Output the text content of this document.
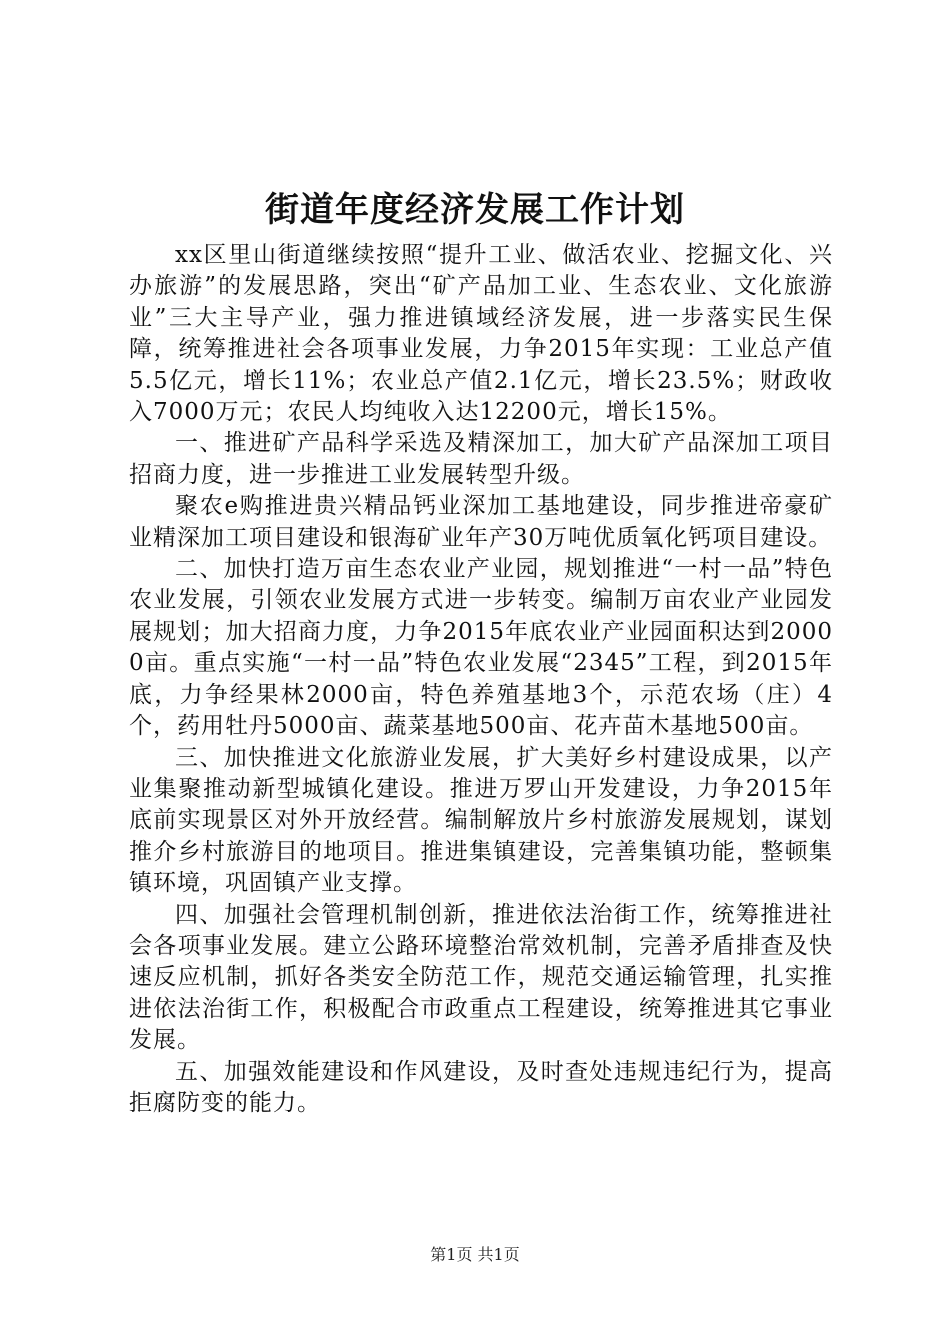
街道年度经济发展工作计划

xx区里山街道继续按照“提升工业、做活农业、挖掘文化、兴办旅游”的发展思路，突出“矿产品加工业、生态农业、文化旅游业”三大主导产业，强力推进镇域经济发展，进一步落实民生保障，统筹推进社会各项事业发展，力争2015年实现：工业总产值5.5亿元，增长11%；农业总产值2.1亿元，增长23.5%；财政收入7000万元；农民人均纯收入达12200元，增长15%。

一、推进矿产品科学采选及精深加工，加大矿产品深加工项目招商力度，进一步推进工业发展转型升级。

聚农e购推进贵兴精品钙业深加工基地建设，同步推进帝豪矿业精深加工项目建设和银海矿业年产30万吨优质氧化钙项目建设。

二、加快打造万亩生态农业产业园，规划推进“一村一品”特色农业发展，引领农业发展方式进一步转变。编制万亩农业产业园发展规划；加大招商力度，力争2015年底农业产业园面积达到20000亩。重点实施“一村一品”特色农业发展“2345”工程，到2015年底，力争经果林2000亩，特色养殖基地3个，示范农场（庄）4个，药用牡丹5000亩、蔬菜基地500亩、花卉苗木基地500亩。

三、加快推进文化旅游业发展，扩大美好乡村建设成果，以产业集聚推动新型城镇化建设。推进万罗山开发建设，力争2015年底前实现景区对外开放经营。编制解放片乡村旅游发展规划，谋划推介乡村旅游目的地项目。推进集镇建设，完善集镇功能，整顿集镇环境，巩固镇产业支撑。

四、加强社会管理机制创新，推进依法治街工作，统筹推进社会各项事业发展。建立公路环境整治常效机制，完善矛盾排查及快速反应机制，抓好各类安全防范工作，规范交通运输管理，扎实推进依法治街工作，积极配合市政重点工程建设，统筹推进其它事业发展。

五、加强效能建设和作风建设，及时查处违规违纪行为，提高拒腐防变的能力。

第1页 共1页
